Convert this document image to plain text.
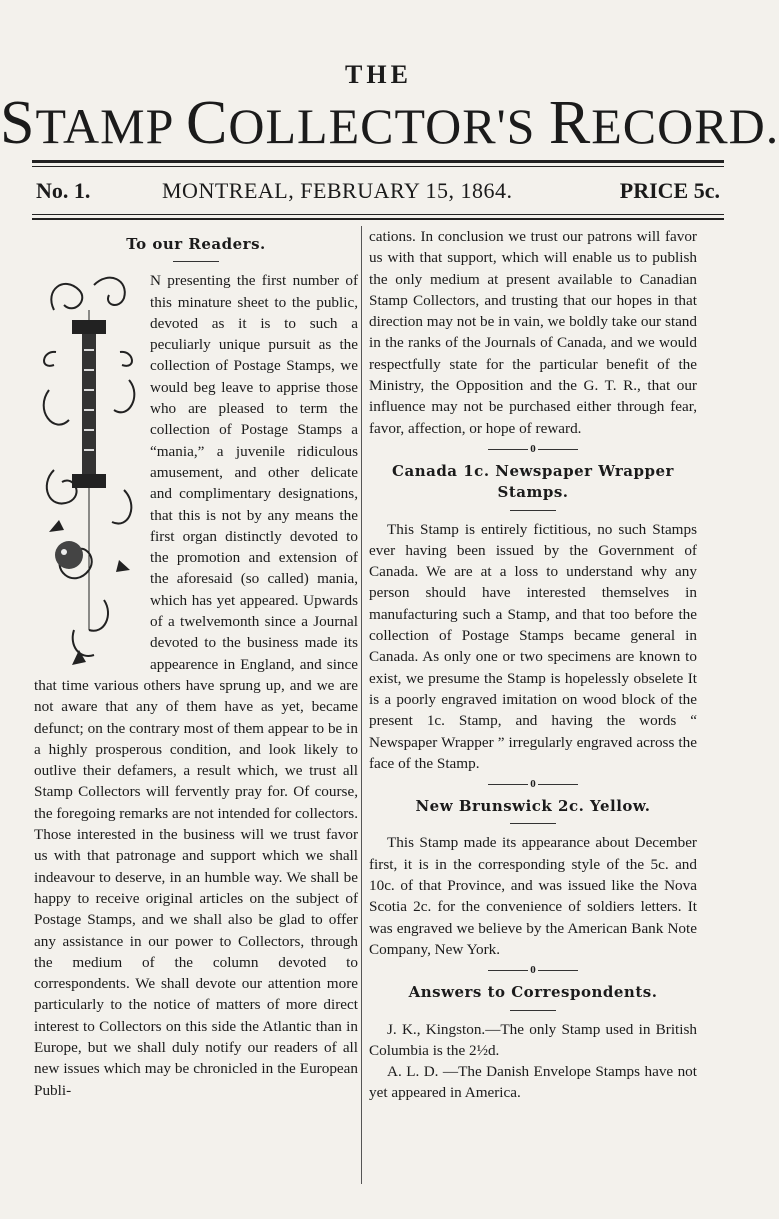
THE
STAMP COLLECTOR'S RECORD.
No. 1.	MONTREAL, FEBRUARY 15, 1864.	PRICE 5c.
To our Readers.

N presenting the first number of this minature sheet to the public, devoted as it is to such a peculiarly unique pursuit as the collection of Postage Stamps, we would beg leave to apprise those who are pleased to term the collection of Postage Stamps a “mania,” a juvenile ridiculous amusement, and other delicate and complimentary designations, that this is not by any means the first organ distinctly devoted to the promotion and extension of the aforesaid (so called) mania, which has yet appeared. Upwards of a twelvemonth since a Journal devoted to the business made its appearence in England, and since that time various others have sprung up, and we are not aware that any of them have as yet, became defunct; on the contrary most of them appear to be in a highly prosperous condition, and look likely to outlive their defamers, a result which, we trust all Stamp Collectors will fervently pray for. Of course, the foregoing remarks are not intended for collectors. Those interested in the business will we trust favor us with that patronage and support which we shall indeavour to deserve, in an humble way. We shall be happy to receive original articles on the subject of Postage Stamps, and we shall also be glad to offer any assistance in our power to Collectors, through the medium of the column devoted to correspondents. We shall devote our attention more particularly to the notice of matters of more direct interest to Collectors on this side the Atlantic than in Europe, but we shall duly notify our readers of all new issues which may be chronicled in the European Publi-

cations. In conclusion we trust our patrons will favor us with that support, which will enable us to publish the only medium at present available to Canadian Stamp Collectors, and trusting that our hopes in that direction may not be in vain, we boldly take our stand in the ranks of the Journals of Canada, and we would respectfully state for the particular benefit of the Ministry, the Opposition and the G. T. R., that our influence may not be purchased either through fear, favor, affection, or hope of reward.

0
Canada 1c. Newspaper Wrapper Stamps.

This Stamp is entirely fictitious, no such Stamps ever having been issued by the Government of Canada. We are at a loss to understand why any person should have interested themselves in manufacturing such a Stamp, and that too before the collection of Postage Stamps became general in Canada. As only one or two specimens are known to exist, we presume the Stamp is hopelessly obselete It is a poorly engraved imitation on wood block of the present 1c. Stamp, and having the words “ Newspaper Wrapper ” irregularly engraved across the face of the Stamp.

0
New Brunswick 2c. Yellow.

This Stamp made its appearance about December first, it is in the corresponding style of the 5c. and 10c. of that Province, and was issued like the Nova Scotia 2c. for the convenience of soldiers letters. It was engraved we believe by the American Bank Note Company, New York.

0
Answers to Correspondents.

J. K., Kingston.—The only Stamp used in British Columbia is the 2½d.

A. L. D. —The Danish Envelope Stamps have not yet appeared in America.
